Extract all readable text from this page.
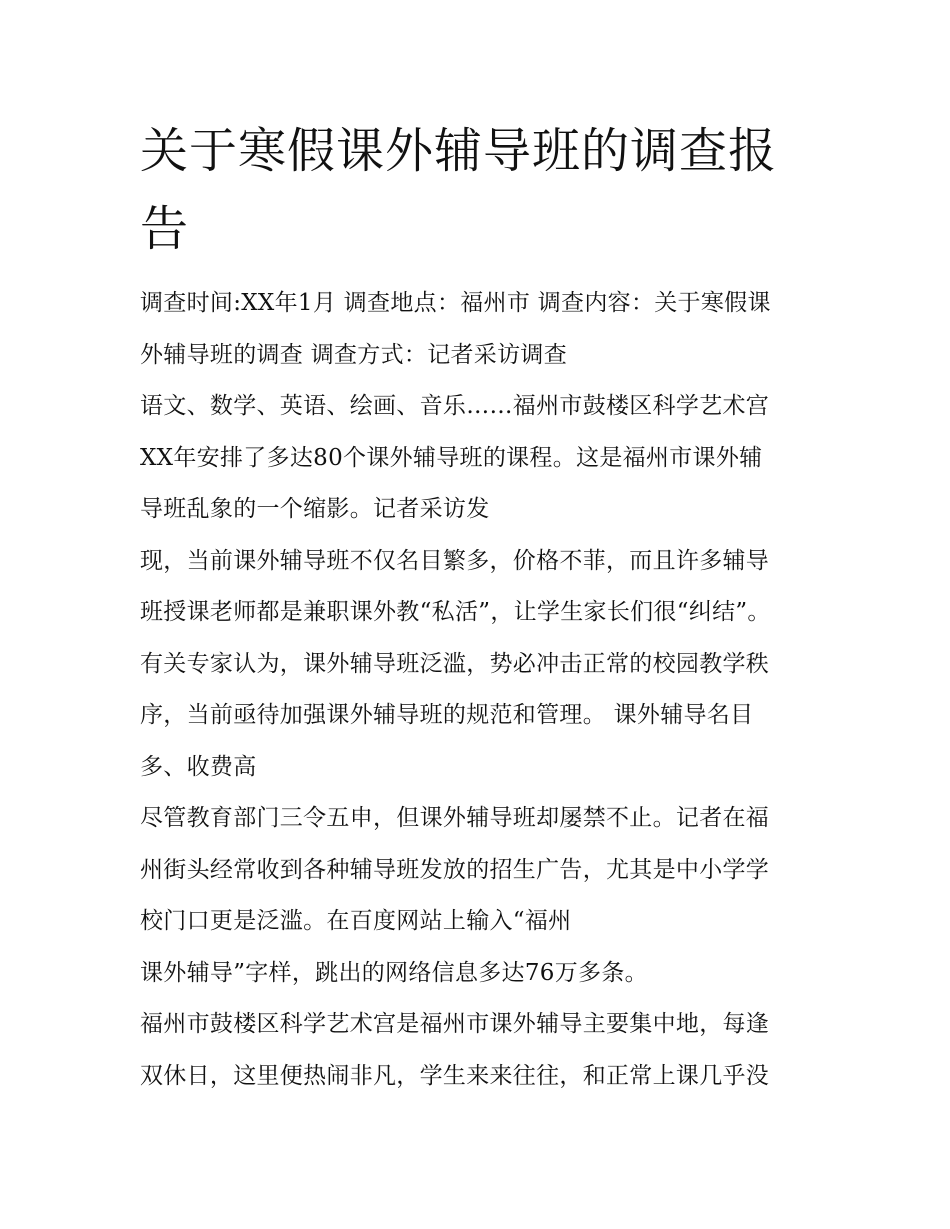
关于寒假课外辅导班的调查报
告
调查时间:XX年1月 调查地点：福州市 调查内容：关于寒假课
外辅导班的调查 调查方式：记者采访调查
语文、数学、英语、绘画、音乐……福州市鼓楼区科学艺术宫
XX年安排了多达80个课外辅导班的课程。这是福州市课外辅
导班乱象的一个缩影。记者采访发
现，当前课外辅导班不仅名目繁多，价格不菲，而且许多辅导
班授课老师都是兼职课外教“私活”，让学生家长们很“纠结”。
有关专家认为，课外辅导班泛滥，势必冲击正常的校园教学秩
序，当前亟待加强课外辅导班的规范和管理。 课外辅导名目
多、收费高
尽管教育部门三令五申，但课外辅导班却屡禁不止。记者在福
州街头经常收到各种辅导班发放的招生广告，尤其是中小学学
校门口更是泛滥。在百度网站上输入“福州
课外辅导”字样，跳出的网络信息多达76万多条。
福州市鼓楼区科学艺术宫是福州市课外辅导主要集中地，每逢
双休日，这里便热闹非凡，学生来来往往，和正常上课几乎没
